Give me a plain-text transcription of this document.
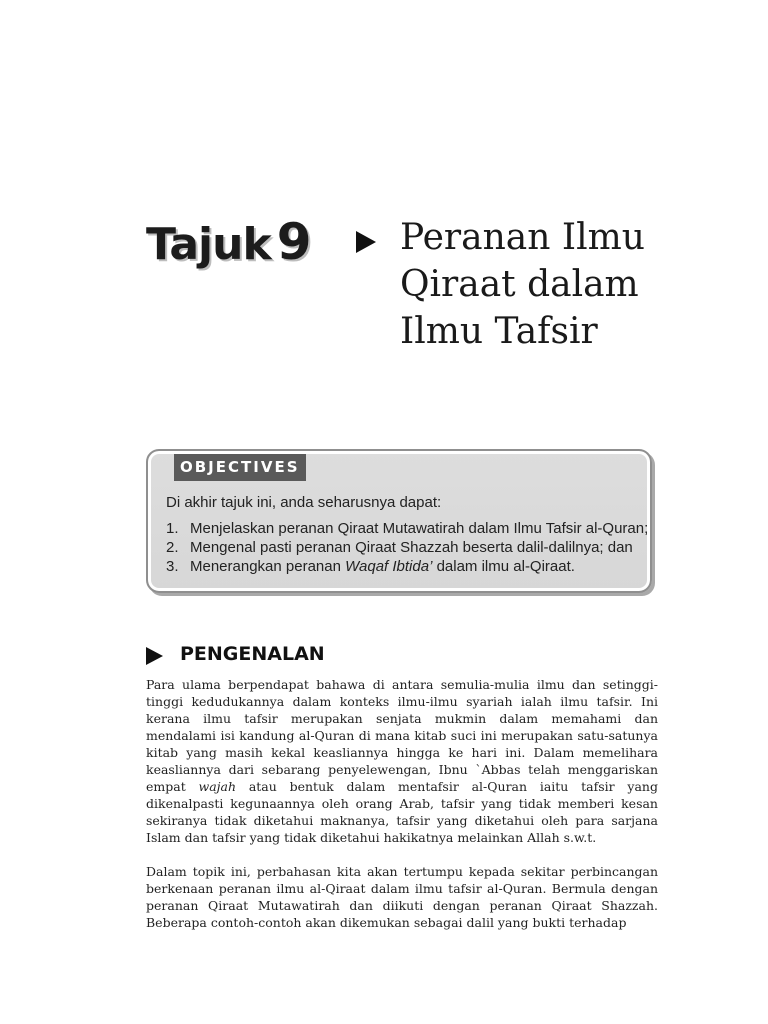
Tajuk 9 Peranan Ilmu
Qiraat dalam
Ilmu Tafsir
OBJECTIVES
Di akhir tajuk ini, anda seharusnya dapat:
1. Menjelaskan peranan Qiraat Mutawatirah dalam Ilmu Tafsir al-Quran;
2. Mengenal pasti peranan Qiraat Shazzah beserta dalil-dalilnya; dan
3. Menerangkan peranan Waqaf Ibtida’ dalam ilmu al-Qiraat.
PENGENALAN

Para ulama berpendapat bahawa di antara semulia-mulia ilmu dan setinggi-tinggi kedudukannya dalam konteks ilmu-ilmu syariah ialah ilmu tafsir. Ini kerana ilmu tafsir merupakan senjata mukmin dalam memahami dan mendalami isi kandung al-Quran di mana kitab suci ini merupakan satu-satunya kitab yang masih kekal keasliannya hingga ke hari ini. Dalam memelihara keasliannya dari sebarang penyelewengan, Ibnu `Abbas telah menggariskan empat wajah atau bentuk dalam mentafsir al-Quran iaitu tafsir yang dikenalpasti kegunaannya oleh orang Arab, tafsir yang tidak memberi kesan sekiranya tidak diketahui maknanya, tafsir yang diketahui oleh para sarjana Islam dan tafsir yang tidak diketahui hakikatnya melainkan Allah s.w.t.

Dalam topik ini, perbahasan kita akan tertumpu kepada sekitar perbincangan berkenaan peranan ilmu al-Qiraat dalam ilmu tafsir al-Quran. Bermula dengan peranan Qiraat Mutawatirah dan diikuti dengan peranan Qiraat Shazzah. Beberapa contoh-contoh akan dikemukan sebagai dalil yang bukti terhadap
